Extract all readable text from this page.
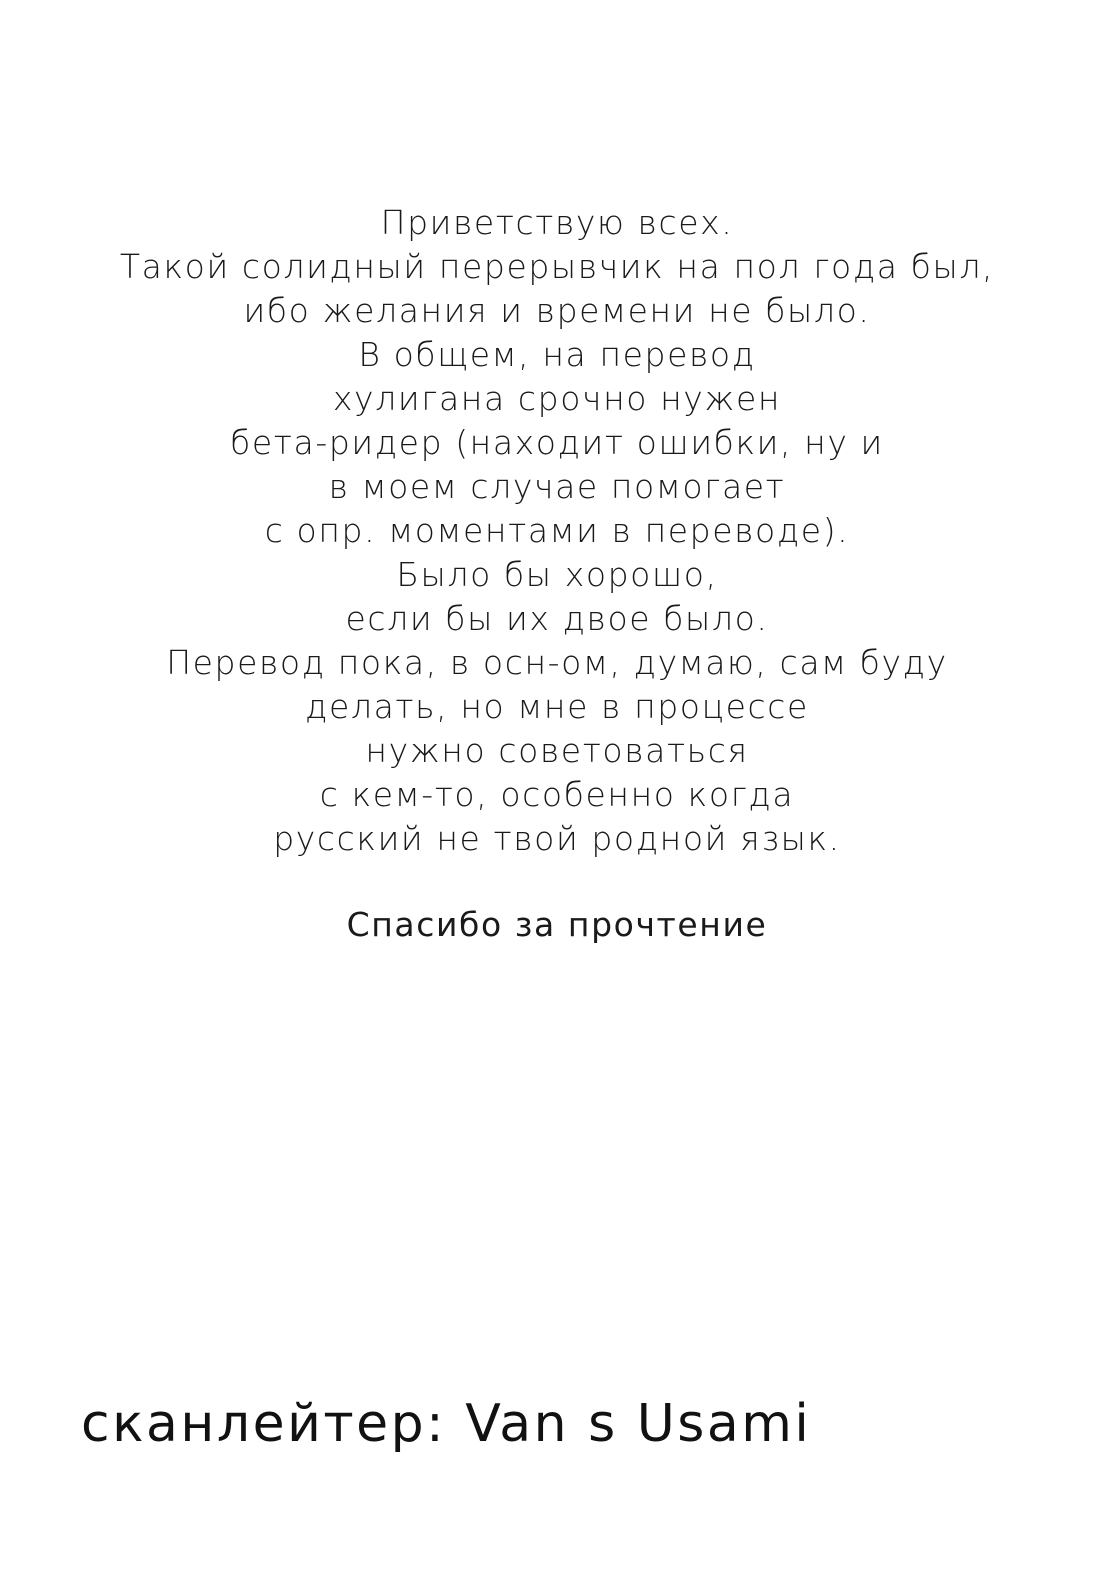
Приветствую всех.
Такой солидный перерывчик на пол года был,
ибо желания и времени не было.
В общем, на перевод
хулигана срочно нужен
бета-ридер (находит ошибки, ну и
в моем случае помогает
с опр. моментами в переводе).
Было бы хорошо,
если бы их двое было.
Перевод пока, в осн-ом, думаю, сам буду
делать, но мне в процессе
нужно советоваться
с кем-то, особенно когда
русский не твой родной язык.
Спасибо за прочтение
сканлейтер: Van s Usami
